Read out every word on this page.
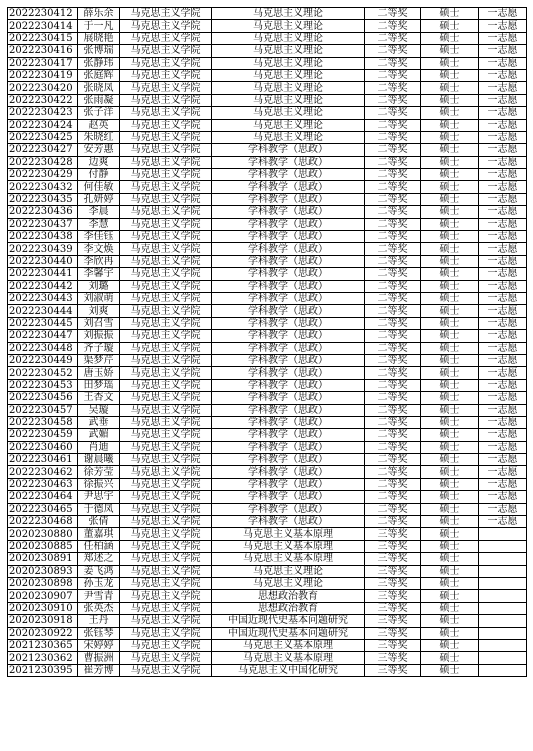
2022230412	薛乐余	马克思主义学院	马克思主义理论	二等奖	硕士	一志愿
2022230414	于一凡	马克思主义学院	马克思主义理论	二等奖	硕士	一志愿
2022230415	展晓艳	马克思主义学院	马克思主义理论	二等奖	硕士	一志愿
2022230416	张博瑞	马克思主义学院	马克思主义理论	二等奖	硕士	一志愿
2022230417	张静玮	马克思主义学院	马克思主义理论	二等奖	硕士	一志愿
2022230419	张庭辉	马克思主义学院	马克思主义理论	二等奖	硕士	一志愿
2022230420	张晓凤	马克思主义学院	马克思主义理论	二等奖	硕士	一志愿
2022230422	张雨凝	马克思主义学院	马克思主义理论	二等奖	硕士	一志愿
2022230423	张子洋	马克思主义学院	马克思主义理论	二等奖	硕士	一志愿
2022230424	赵英	马克思主义学院	马克思主义理论	二等奖	硕士	一志愿
2022230425	朱晓红	马克思主义学院	马克思主义理论	二等奖	硕士	一志愿
2022230427	安芳惠	马克思主义学院	学科教学（思政）	二等奖	硕士	一志愿
2022230428	边爽	马克思主义学院	学科教学（思政）	二等奖	硕士	一志愿
2022230429	付静	马克思主义学院	学科教学（思政）	二等奖	硕士	一志愿
2022230432	何佳敏	马克思主义学院	学科教学（思政）	二等奖	硕士	一志愿
2022230435	孔妍婷	马克思主义学院	学科教学（思政）	二等奖	硕士	一志愿
2022230436	李晨	马克思主义学院	学科教学（思政）	二等奖	硕士	一志愿
2022230437	李慧	马克思主义学院	学科教学（思政）	二等奖	硕士	一志愿
2022230438	李佳钰	马克思主义学院	学科教学（思政）	二等奖	硕士	一志愿
2022230439	李文焕	马克思主义学院	学科教学（思政）	二等奖	硕士	一志愿
2022230440	李欣冉	马克思主义学院	学科教学（思政）	二等奖	硕士	一志愿
2022230441	李馨宇	马克思主义学院	学科教学（思政）	二等奖	硕士	一志愿
2022230442	刘璐	马克思主义学院	学科教学（思政）	二等奖	硕士	一志愿
2022230443	刘淑萌	马克思主义学院	学科教学（思政）	二等奖	硕士	一志愿
2022230444	刘爽	马克思主义学院	学科教学（思政）	二等奖	硕士	一志愿
2022230445	刘召雪	马克思主义学院	学科教学（思政）	二等奖	硕士	一志愿
2022230447	刘振振	马克思主义学院	学科教学（思政）	二等奖	硕士	一志愿
2022230448	齐子璇	马克思主义学院	学科教学（思政）	二等奖	硕士	一志愿
2022230449	渠梦芹	马克思主义学院	学科教学（思政）	二等奖	硕士	一志愿
2022230452	唐玉娇	马克思主义学院	学科教学（思政）	二等奖	硕士	一志愿
2022230453	田梦瑶	马克思主义学院	学科教学（思政）	二等奖	硕士	一志愿
2022230456	王杏文	马克思主义学院	学科教学（思政）	二等奖	硕士	一志愿
2022230457	吴璇	马克思主义学院	学科教学（思政）	二等奖	硕士	一志愿
2022230458	武垂	马克思主义学院	学科教学（思政）	二等奖	硕士	一志愿
2022230459	武媚	马克思主义学院	学科教学（思政）	二等奖	硕士	一志愿
2022230460	肖迪	马克思主义学院	学科教学（思政）	二等奖	硕士	一志愿
2022230461	谢晨曦	马克思主义学院	学科教学（思政）	二等奖	硕士	一志愿
2022230462	徐芳莹	马克思主义学院	学科教学（思政）	二等奖	硕士	一志愿
2022230463	徐振兴	马克思主义学院	学科教学（思政）	二等奖	硕士	一志愿
2022230464	尹思宇	马克思主义学院	学科教学（思政）	二等奖	硕士	一志愿
2022230465	于德凤	马克思主义学院	学科教学（思政）	二等奖	硕士	一志愿
2022230468	张倩	马克思主义学院	学科教学（思政）	二等奖	硕士	一志愿
2020230880	董嘉琪	马克思主义学院	马克思主义基本原理	三等奖	硕士	
2020230885	任柏涵	马克思主义学院	马克思主义基本原理	三等奖	硕士	
2020230891	郑述之	马克思主义学院	马克思主义基本原理	三等奖	硕士	
2020230893	姜飞鸿	马克思主义学院	马克思主义理论	三等奖	硕士	
2020230898	孙玉龙	马克思主义学院	马克思主义理论	三等奖	硕士	
2020230907	尹雪青	马克思主义学院	思想政治教育	三等奖	硕士	
2020230910	张英杰	马克思主义学院	思想政治教育	三等奖	硕士	
2020230918	王丹	马克思主义学院	中国近现代史基本问题研究	三等奖	硕士	
2020230922	张钰琴	马克思主义学院	中国近现代史基本问题研究	三等奖	硕士	
2021230365	宋婷婷	马克思主义学院	马克思主义基本原理	三等奖	硕士	
2021230362	曹振洲	马克思主义学院	马克思主义基本原理	三等奖	硕士	
2021230395	崔芳博	马克思主义学院	马克思主义中国化研究	三等奖	硕士	
